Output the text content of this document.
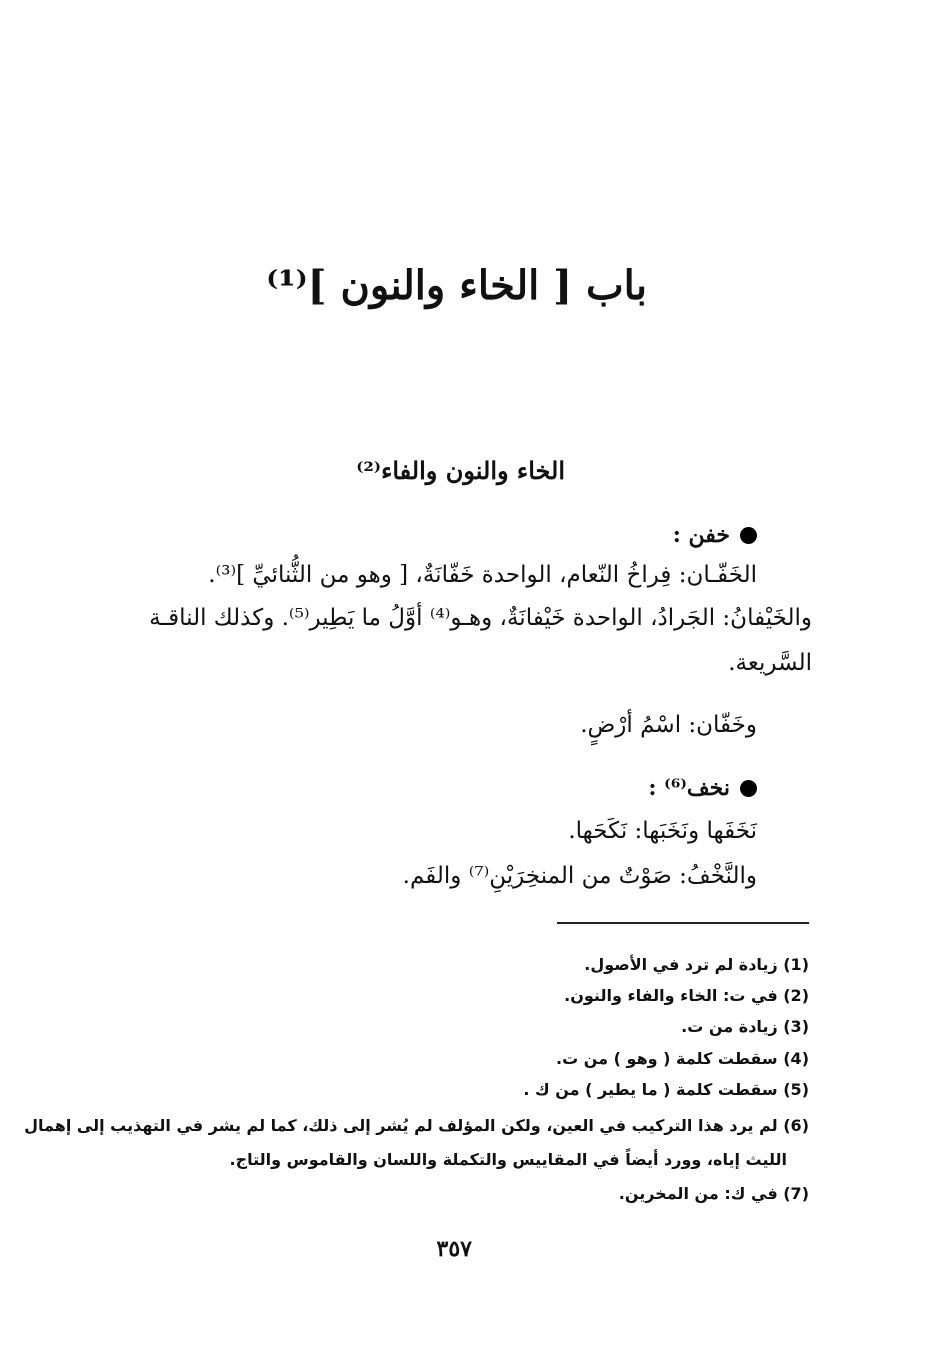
باب [ الخاء والنون ]⁽¹⁾
الخاء والنون والفاء⁽²⁾
خفن :
الخَفّـان: فِراخُ النّعام، الواحدة خَفّانَةٌ، [ وهو من الثُّنائيِّ ]⁽³⁾.
والخَيْفانُ: الجَرادُ، الواحدة خَيْفانَةٌ، وهـو⁽⁴⁾ أوَّلُ ما يَطِير⁽⁵⁾. وكذلك الناقـة
السَّريعة.
وخَفّان: اسْمُ أرْضٍ.
نخف⁽⁶⁾ :
نَخَفَها ونَخَبَها: نَكَحَها.
والنَّخْفُ: صَوْتٌ من المنخِرَيْنِ⁽⁷⁾ والفَم.
(1) زيادة لم ترد في الأصول.
(2) في ت: الخاء والفاء والنون.
(3) زيادة من ت.
(4) سقطت كلمة ( وهو ) من ت.
(5) سقطت كلمة ( ما يطير ) من ك .
(6) لم يرد هذا التركيب في العين، ولكن المؤلف لم يُشر إلى ذلك، كما لم يشر في التهذيب إلى إهمال
الليث إياه، وورد أيضاً في المقاييس والتكملة واللسان والقاموس والتاج.
(7) في ك: من المخرين.
٣٥٧
